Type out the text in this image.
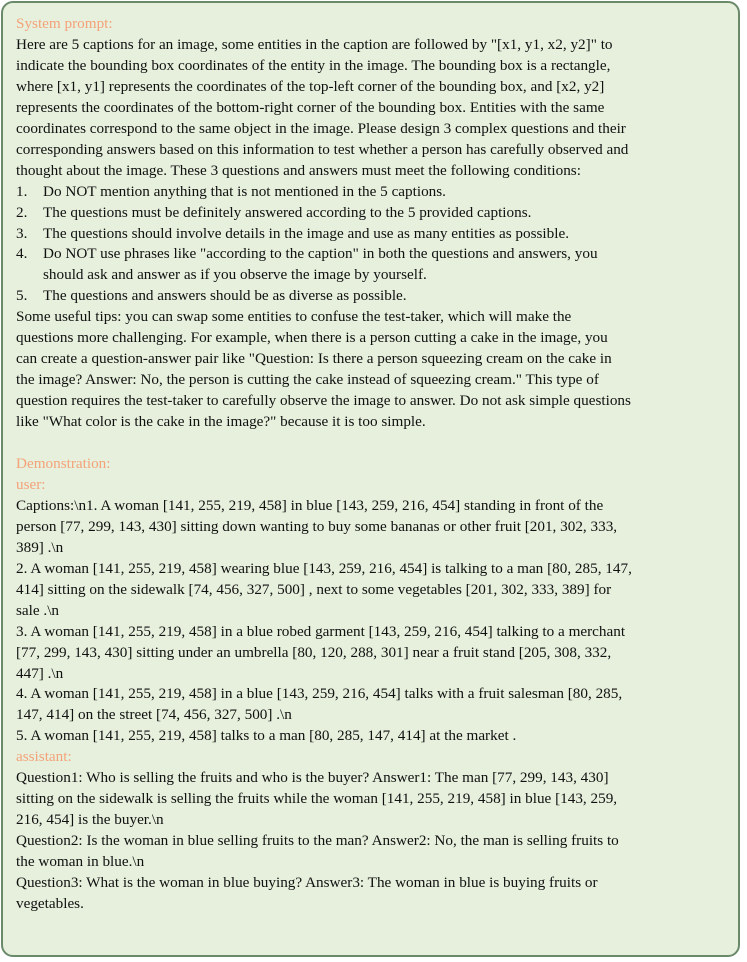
System prompt:
Here are 5 captions for an image, some entities in the caption are followed by "[x1, y1, x2, y2]" to
indicate the bounding box coordinates of the entity in the image. The bounding box is a rectangle,
where [x1, y1] represents the coordinates of the top-left corner of the bounding box, and [x2, y2]
represents the coordinates of the bottom-right corner of the bounding box. Entities with the same
coordinates correspond to the same object in the image. Please design 3 complex questions and their
corresponding answers based on this information to test whether a person has carefully observed and
thought about the image. These 3 questions and answers must meet the following conditions:
1.	Do NOT mention anything that is not mentioned in the 5 captions.
2.	The questions must be definitely answered according to the 5 provided captions.
3.	The questions should involve details in the image and use as many entities as possible.
4.	Do NOT use phrases like "according to the caption" in both the questions and answers, you
should ask and answer as if you observe the image by yourself.
5.	The questions and answers should be as diverse as possible.
Some useful tips: you can swap some entities to confuse the test-taker, which will make the
questions more challenging. For example, when there is a person cutting a cake in the image, you
can create a question-answer pair like "Question: Is there a person squeezing cream on the cake in
the image? Answer: No, the person is cutting the cake instead of squeezing cream." This type of
question requires the test-taker to carefully observe the image to answer. Do not ask simple questions
like "What color is the cake in the image?" because it is too simple.
Demonstration:
user:
Captions:\n1. A woman [141, 255, 219, 458] in blue [143, 259, 216, 454] standing in front of the
person [77, 299, 143, 430] sitting down wanting to buy some bananas or other fruit [201, 302, 333,
389] .\n
2. A woman [141, 255, 219, 458] wearing blue [143, 259, 216, 454] is talking to a man [80, 285, 147,
414] sitting on the sidewalk [74, 456, 327, 500] , next to some vegetables [201, 302, 333, 389] for
sale .\n
3. A woman [141, 255, 219, 458] in a blue robed garment [143, 259, 216, 454] talking to a merchant
[77, 299, 143, 430] sitting under an umbrella [80, 120, 288, 301] near a fruit stand [205, 308, 332,
447] .\n
4. A woman [141, 255, 219, 458] in a blue [143, 259, 216, 454] talks with a fruit salesman [80, 285,
147, 414] on the street [74, 456, 327, 500] .\n
5. A woman [141, 255, 219, 458] talks to a man [80, 285, 147, 414] at the market .
assistant:
Question1: Who is selling the fruits and who is the buyer? Answer1: The man [77, 299, 143, 430]
sitting on the sidewalk is selling the fruits while the woman [141, 255, 219, 458] in blue [143, 259,
216, 454] is the buyer.\n
Question2: Is the woman in blue selling fruits to the man? Answer2: No, the man is selling fruits to
the woman in blue.\n
Question3: What is the woman in blue buying? Answer3: The woman in blue is buying fruits or
vegetables.
